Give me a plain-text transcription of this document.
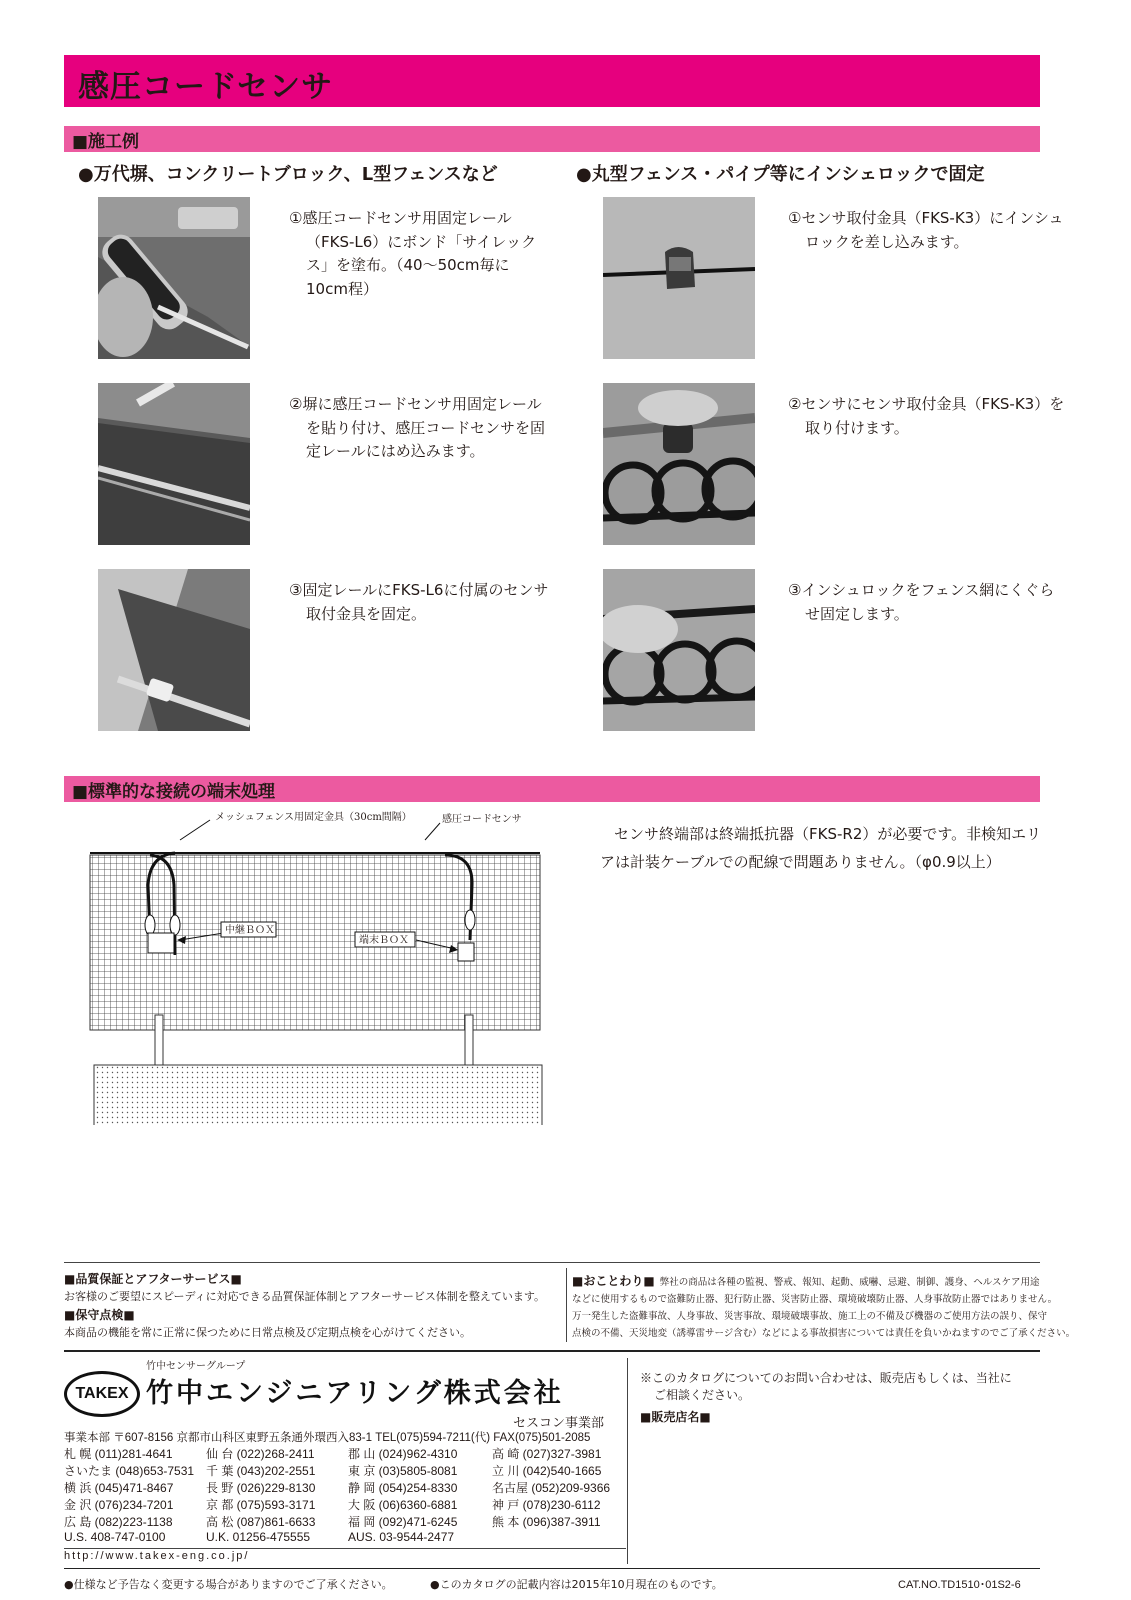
感圧コードセンサ
■施工例
●万代塀、コンクリートブロック、L型フェンスなど	●丸型フェンス・パイプ等にインシェロックで固定
①感圧コードセンサ用固定レール（FKS-L6）にボンド「サイレックス」を塗布。（40〜50cm毎に10cm程）
②塀に感圧コードセンサ用固定レールを貼り付け、感圧コードセンサを固定レールにはめ込みます。
③固定レールにFKS-L6に付属のセンサ取付金具を固定。
①センサ取付金具（FKS-K3）にインシュロックを差し込みます。
②センサにセンサ取付金具（FKS-K3）を取り付けます。
③インシュロックをフェンス網にくぐらせ固定します。
■標準的な接続の端末処理
メッシュフェンス用固定金具（30cm間隔）	感圧コードセンサ
中継ＢＯＸ
端末ＢＯＸ
センサ終端部は終端抵抗器（FKS-R2）が必要です。非検知エリアは計装ケーブルでの配線で問題ありません。（φ0.9以上）
■品質保証とアフターサービス■
お客様のご要望にスピーディに対応できる品質保証体制とアフターサービス体制を整えています。
■保守点検■
本商品の機能を常に正常に保つために日常点検及び定期点検を心がけてください。
■おことわり■ 弊社の商品は各種の監視、警戒、報知、起動、威嚇、忌避、制御、護身、ヘルスケア用途
などに使用するもので盗難防止器、犯行防止器、災害防止器、環境破壊防止器、人身事故防止器ではありません。
万一発生した盗難事故、人身事故、災害事故、環境破壊事故、施工上の不備及び機器のご使用方法の誤り、保守
点検の不備、天災地変（誘導雷サージ含む）などによる事故損害については責任を負いかねますのでご了承ください。
TAKEX
竹中センサーグループ
竹中エンジニアリング株式会社
セスコン事業部
事業本部 〒607-8156 京都市山科区東野五条通外環西入83-1 TEL(075)594-7211(代) FAX(075)501-2085
札 幌 (011)281-4641	仙 台 (022)268-2411	郡 山 (024)962-4310	高 崎 (027)327-3981
さいたま (048)653-7531 千 葉 (043)202-2551	東 京 (03)5805-8081	立 川 (042)540-1665
横 浜 (045)471-8467	長 野 (026)229-8130	静 岡 (054)254-8330	名古屋 (052)209-9366
金 沢 (076)234-7201	京 都 (075)593-3171	大 阪 (06)6360-6881	神 戸 (078)230-6112
広 島 (082)223-1138	高 松 (087)861-6633	福 岡 (092)471-6245	熊 本 (096)387-3911
U.S. 408-747-0100	U.K. 01256-475555	AUS. 03-9544-2477
http://www.takex-eng.co.jp/
※このカタログについてのお問い合わせは、販売店もしくは、当社に
ご相談ください。
■販売店名■
●仕様など予告なく変更する場合がありますのでご了承ください。	●このカタログの記載内容は2015年10月現在のものです。	CAT.NO.TD1510･01S2-6
